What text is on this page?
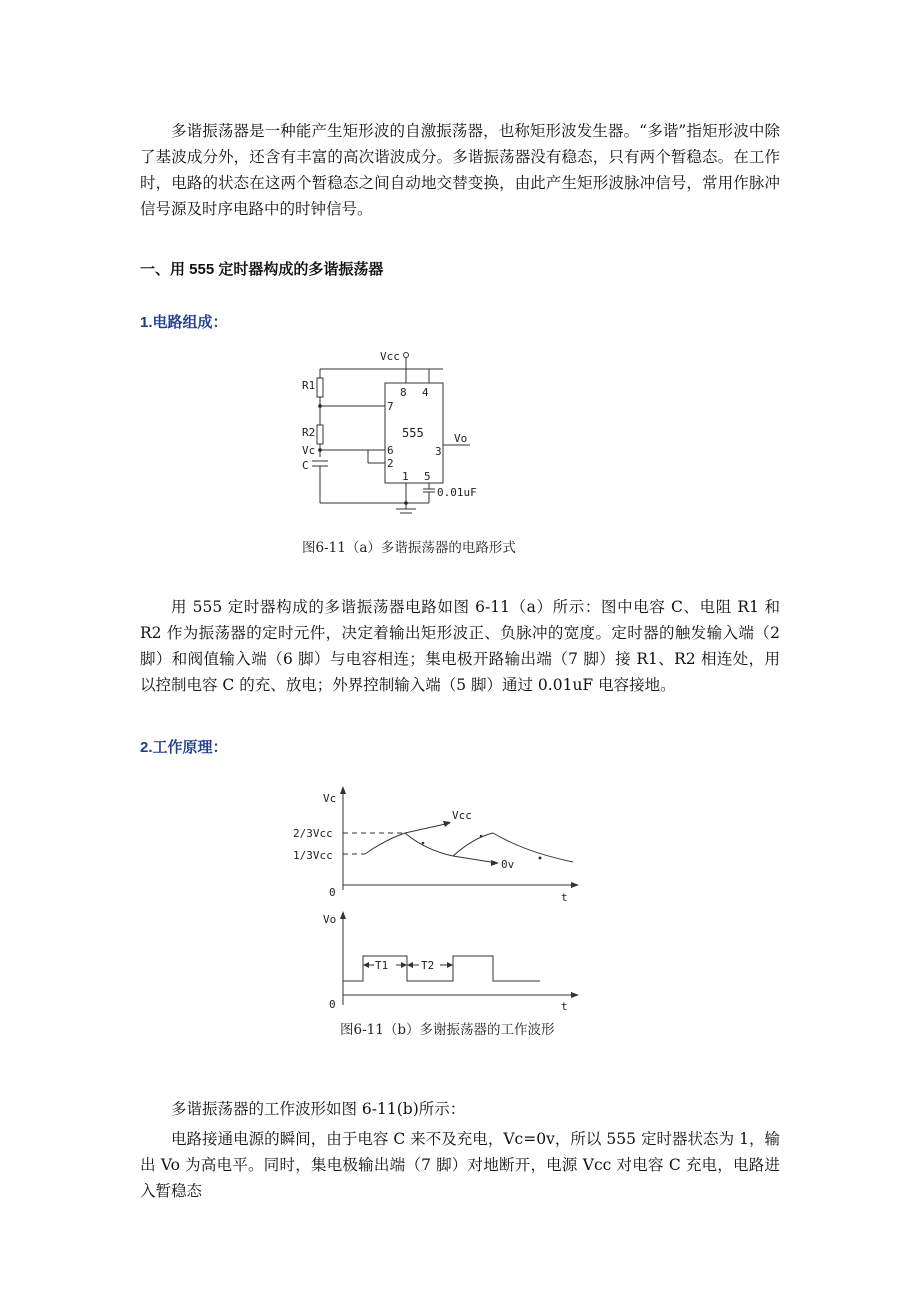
多谐振荡器是一种能产生矩形波的自激振荡器，也称矩形波发生器。“多谐”指矩形波中除了基波成分外，还含有丰富的高次谐波成分。多谐振荡器没有稳态，只有两个暂稳态。在工作时，电路的状态在这两个暂稳态之间自动地交替变换，由此产生矩形波脉冲信号，常用作脉冲信号源及时序电路中的时钟信号。

一、用 555 定时器构成的多谐振荡器

1.电路组成：

Vcc
R1
R2
Vc
C
555	Vo
8 4
7
6
2
3
1 5
0.01uF
图6-11（a）多谐振荡器的电路形式

用 555 定时器构成的多谐振荡器电路如图 6-11（a）所示：图中电容 C、电阻 R1 和 R2 作为振荡器的定时元件，决定着输出矩形波正、负脉冲的宽度。定时器的触发输入端（2 脚）和阀值输入端（6 脚）与电容相连；集电极开路输出端（7 脚）接 R1、R2 相连处，用以控制电容 C 的充、放电；外界控制输入端（5 脚）通过 0.01uF 电容接地。

2.工作原理：

Vc
2/3Vcc
1/3Vcc
0	t
Vcc
0v
Vo
0	t
T1	T2
图6-11（b）多谢振荡器的工作波形

多谐振荡器的工作波形如图 6-11(b)所示：

电路接通电源的瞬间，由于电容 C 来不及充电，Vc=0v，所以 555 定时器状态为 1，输出 Vo 为高电平。同时，集电极输出端（7 脚）对地断开，电源 Vcc 对电容 C 充电，电路进入暂稳态
